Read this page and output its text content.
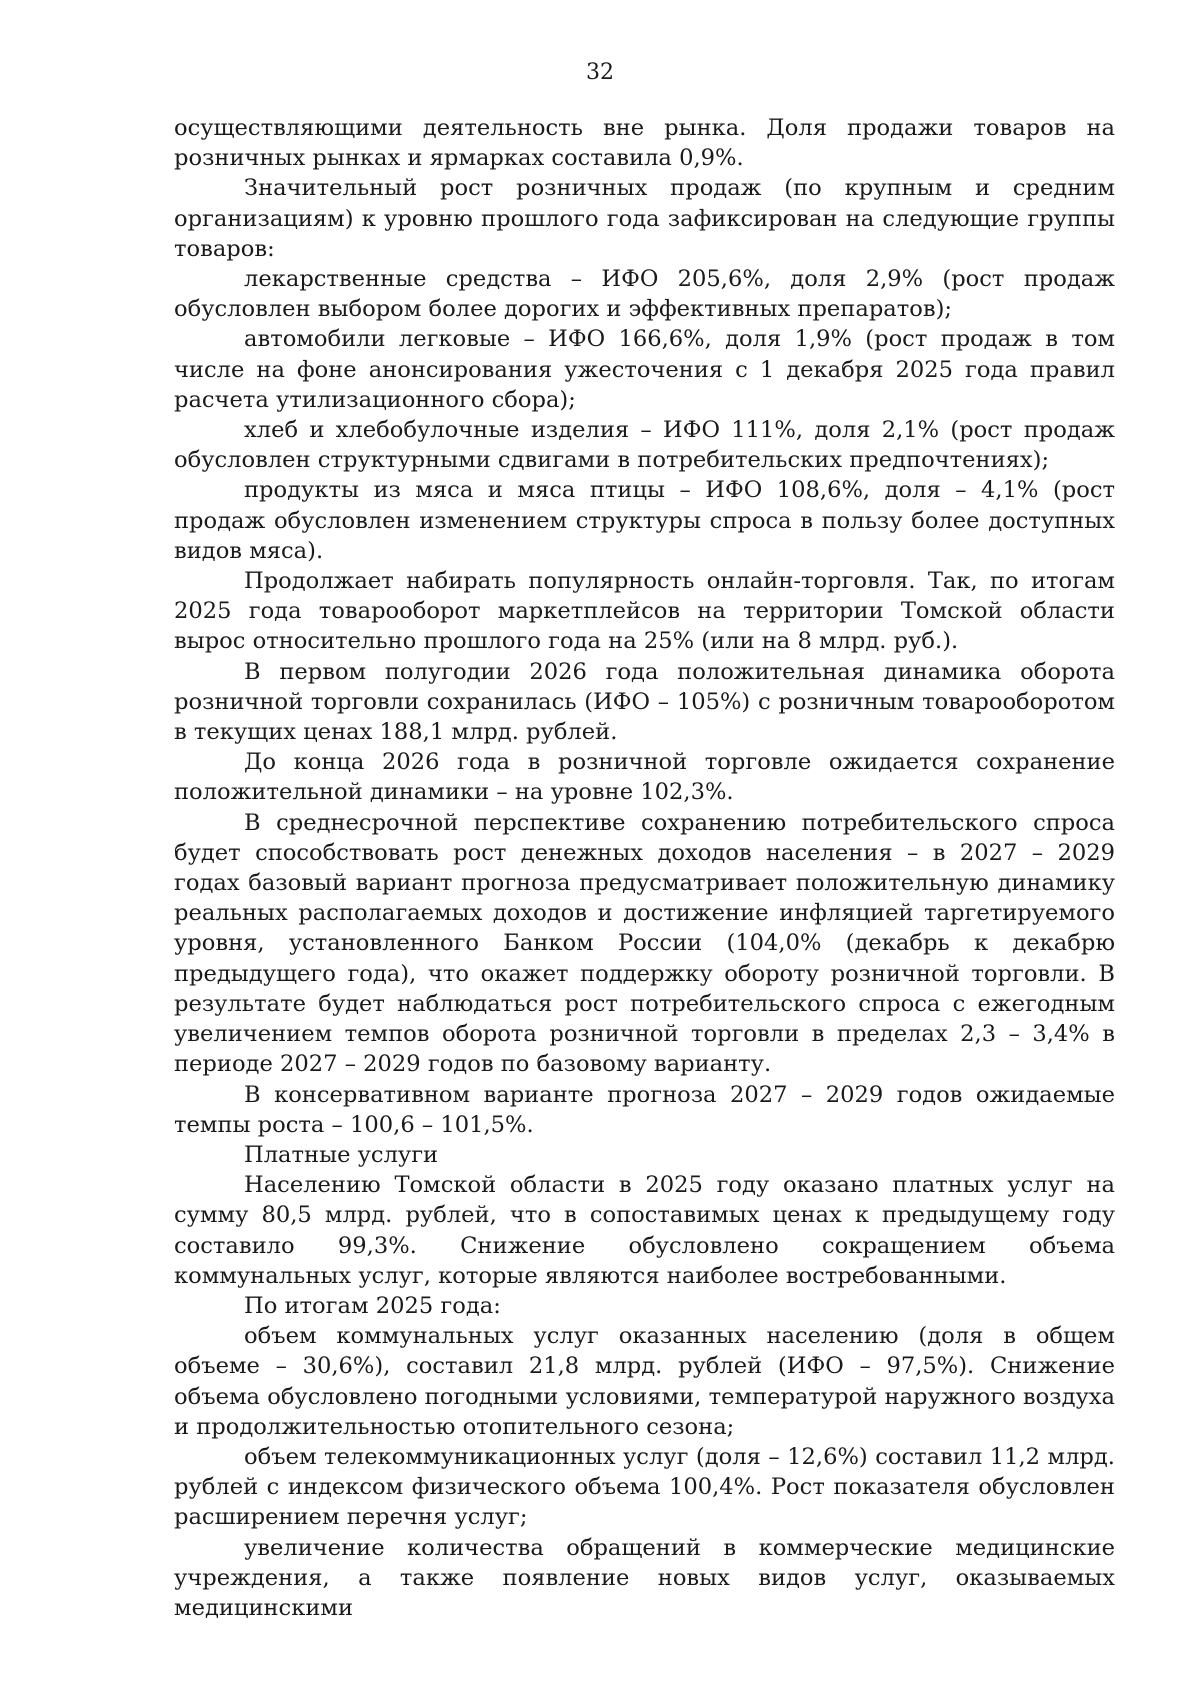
32

осуществляющими деятельность вне рынка. Доля продажи товаров на розничных рынках и ярмарках составила 0,9%.

Значительный рост розничных продаж (по крупным и средним организациям) к уровню прошлого года зафиксирован на следующие группы товаров:

лекарственные средства – ИФО 205,6%, доля 2,9% (рост продаж обусловлен выбором более дорогих и эффективных препаратов);

автомобили легковые – ИФО 166,6%, доля 1,9% (рост продаж в том числе на фоне анонсирования ужесточения с 1 декабря 2025 года правил расчета утилизационного сбора);

хлеб и хлебобулочные изделия – ИФО 111%, доля 2,1% (рост продаж обусловлен структурными сдвигами в потребительских предпочтениях);

продукты из мяса и мяса птицы – ИФО 108,6%, доля – 4,1% (рост продаж обусловлен изменением структуры спроса в пользу более доступных видов мяса).

Продолжает набирать популярность онлайн-торговля. Так, по итогам 2025 года товарооборот маркетплейсов на территории Томской области вырос относительно прошлого года на 25% (или на 8 млрд. руб.).

В первом полугодии 2026 года положительная динамика оборота розничной торговли сохранилась (ИФО – 105%) с розничным товарооборотом в текущих ценах 188,1 млрд. рублей.

До конца 2026 года в розничной торговле ожидается сохранение положительной динамики – на уровне 102,3%.

В среднесрочной перспективе сохранению потребительского спроса будет способствовать рост денежных доходов населения – в 2027 – 2029 годах базовый вариант прогноза предусматривает положительную динамику реальных располагаемых доходов и достижение инфляцией таргетируемого уровня, установленного Банком России (104,0% (декабрь к декабрю предыдущего года), что окажет поддержку обороту розничной торговли. В результате будет наблюдаться рост потребительского спроса с ежегодным увеличением темпов оборота розничной торговли в пределах 2,3 – 3,4% в периоде 2027 – 2029 годов по базовому варианту.

В консервативном варианте прогноза 2027 – 2029 годов ожидаемые темпы роста – 100,6 – 101,5%.

Платные услуги

Населению Томской области в 2025 году оказано платных услуг на сумму 80,5 млрд. рублей, что в сопоставимых ценах к предыдущему году составило 99,3%. Снижение обусловлено сокращением объема коммунальных услуг, которые являются наиболее востребованными.

По итогам 2025 года:

объем коммунальных услуг оказанных населению (доля в общем объеме – 30,6%), составил 21,8 млрд. рублей (ИФО – 97,5%). Снижение объема обусловлено погодными условиями, температурой наружного воздуха и продолжительностью отопительного сезона;

объем телекоммуникационных услуг (доля – 12,6%) составил 11,2 млрд. рублей с индексом физического объема 100,4%. Рост показателя обусловлен расширением перечня услуг;

увеличение количества обращений в коммерческие медицинские учреждения, а также появление новых видов услуг, оказываемых медицинскими
